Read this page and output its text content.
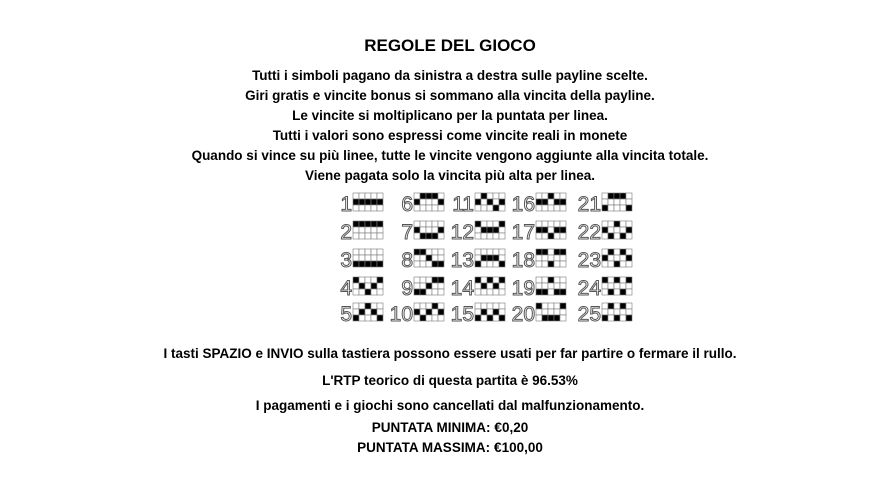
REGOLE DEL GIOCO
Tutti i simboli pagano da sinistra a destra sulle payline scelte.
Giri gratis e vincite bonus si sommano alla vincita della payline.
Le vincite si moltiplicano per la puntata per linea.
Tutti i valori sono espressi come vincite reali in monete
Quando si vince su più linee, tutte le vincite vengono aggiunte alla vincita totale.
Viene pagata solo la vincita più alta per linea.
1
2
3
4
5
6
7
8
9
10
11
12
13
14
15
16
17
18
19
20
21
22
23
24
25
I tasti SPAZIO e INVIO sulla tastiera possono essere usati per far partire o fermare il rullo.
L'RTP teorico di questa partita è 96.53%
I pagamenti e i giochi sono cancellati dal malfunzionamento.
PUNTATA MINIMA: €0,20
PUNTATA MASSIMA: €100,00
